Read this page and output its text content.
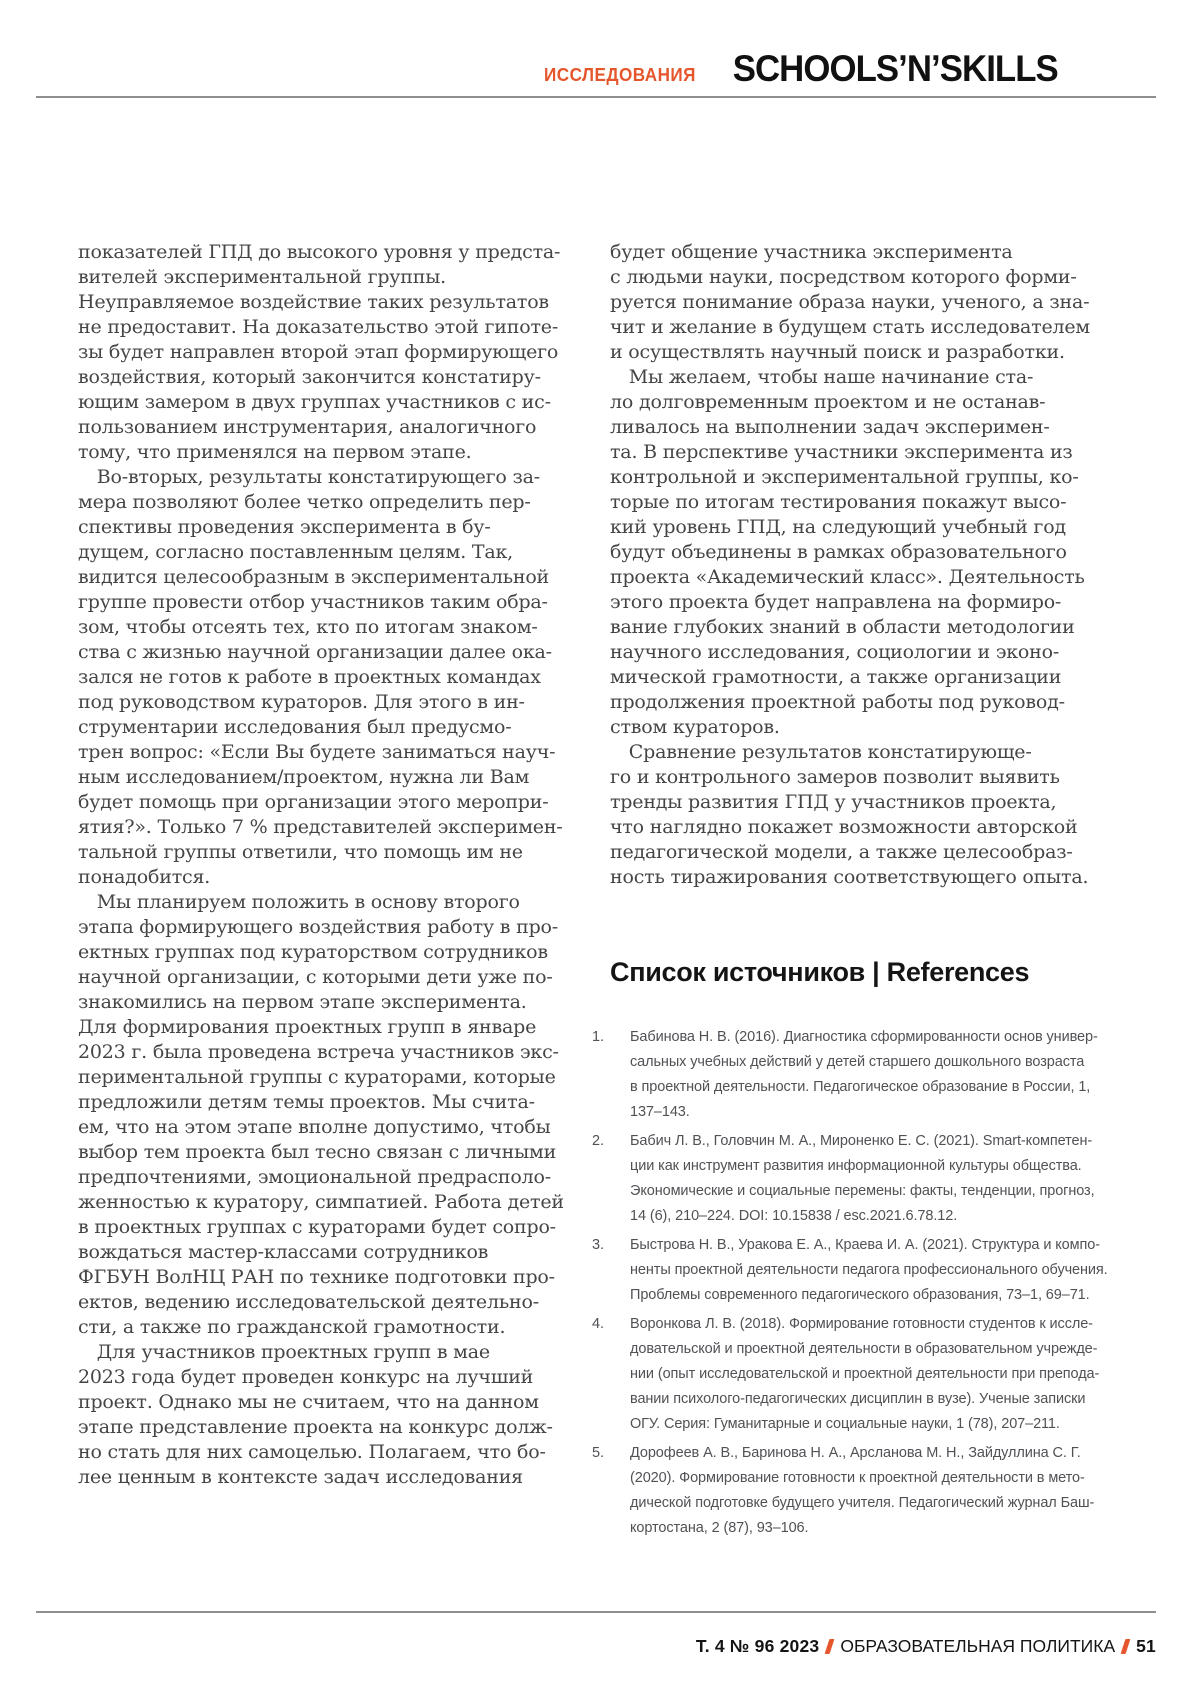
ИССЛЕДОВАНИЯ SCHOOLS’N’SKILLS
показателей ГПД до высокого уровня у предста-
вителей экспериментальной группы.
Неуправляемое воздействие таких результатов
не предоставит. На доказательство этой гипоте-
зы будет направлен второй этап формирующего
воздействия, который закончится констатиру-
ющим замером в двух группах участников с ис-
пользованием инструментария, аналогичного
тому, что применялся на первом этапе.
 Во-вторых, результаты констатирующего за-
мера позволяют более четко определить пер-
спективы проведения эксперимента в бу-
дущем, согласно поставленным целям. Так,
видится целесообразным в экспериментальной
группе провести отбор участников таким обра-
зом, чтобы отсеять тех, кто по итогам знаком-
ства с жизнью научной организации далее ока-
зался не готов к работе в проектных командах
под руководством кураторов. Для этого в ин-
струментарии исследования был предусмо-
трен вопрос: «Если Вы будете заниматься науч-
ным исследованием/проектом, нужна ли Вам
будет помощь при организации этого меропри-
ятия?». Только 7 % представителей эксперимен-
тальной группы ответили, что помощь им не
понадобится.
 Мы планируем положить в основу второго
этапа формирующего воздействия работу в про-
ектных группах под кураторством сотрудников
научной организации, с которыми дети уже по-
знакомились на первом этапе эксперимента.
Для формирования проектных групп в январе
2023 г. была проведена встреча участников экс-
периментальной группы с кураторами, которые
предложили детям темы проектов. Мы счита-
ем, что на этом этапе вполне допустимо, чтобы
выбор тем проекта был тесно связан с личными
предпочтениями, эмоциональной предрасполо-
женностью к куратору, симпатией. Работа детей
в проектных группах с кураторами будет сопро-
вождаться мастер-классами сотрудников
ФГБУН ВолНЦ РАН по технике подготовки про-
ектов, ведению исследовательской деятельно-
сти, а также по гражданской грамотности.
 Для участников проектных групп в мае
2023 года будет проведен конкурс на лучший
проект. Однако мы не считаем, что на данном
этапе представление проекта на конкурс долж-
но стать для них самоцелью. Полагаем, что бо-
лее ценным в контексте задач исследования
будет общение участника эксперимента
с людьми науки, посредством которого форми-
руется понимание образа науки, ученого, а зна-
чит и желание в будущем стать исследователем
и осуществлять научный поиск и разработки.
 Мы желаем, чтобы наше начинание ста-
ло долговременным проектом и не останав-
ливалось на выполнении задач эксперимен-
та. В перспективе участники эксперимента из
контрольной и экспериментальной группы, ко-
торые по итогам тестирования покажут высо-
кий уровень ГПД, на следующий учебный год
будут объединены в рамках образовательного
проекта «Академический класс». Деятельность
этого проекта будет направлена на формиро-
вание глубоких знаний в области методологии
научного исследования, социологии и эконо-
мической грамотности, а также организации
продолжения проектной работы под руковод-
ством кураторов.
 Сравнение результатов констатирующе-
го и контрольного замеров позволит выявить
тренды развития ГПД у участников проекта,
что наглядно покажет возможности авторской
педагогической модели, а также целесообраз-
ность тиражирования соответствующего опыта.
Список источников | References
1.	Бабинова Н. В. (2016). Диагностика сформированности основ универ-
сальных учебных действий у детей старшего дошкольного возраста
в проектной деятельности. Педагогическое образование в России, 1,
137–143.
2.	Бабич Л. В., Головчин М. А., Мироненко Е. С. (2021). Smart-компетен-
ции как инструмент развития информационной культуры общества.
Экономические и социальные перемены: факты, тенденции, прогноз,
14 (6), 210–224. DOI: 10.15838 / esc.2021.6.78.12.
3.	Быстрова Н. В., Уракова Е. А., Краева И. А. (2021). Структура и компо-
ненты проектной деятельности педагога профессионального обучения.
Проблемы современного педагогического образования, 73–1, 69–71.
4.	Воронкова Л. В. (2018). Формирование готовности студентов к иссле-
довательской и проектной деятельности в образовательном учрежде-
нии (опыт исследовательской и проектной деятельности при препода-
вании психолого-педагогических дисциплин в вузе). Ученые записки
ОГУ. Серия: Гуманитарные и социальные науки, 1 (78), 207–211.
5.	Дорофеев А. В., Баринова Н. А., Арсланова М. Н., Зайдуллина С. Г.
(2020). Формирование готовности к проектной деятельности в мето-
дической подготовке будущего учителя. Педагогический журнал Баш-
кортостана, 2 (87), 93–106.
Т. 4 № 96 2023 ОБРАЗОВАТЕЛЬНАЯ ПОЛИТИКА 51
